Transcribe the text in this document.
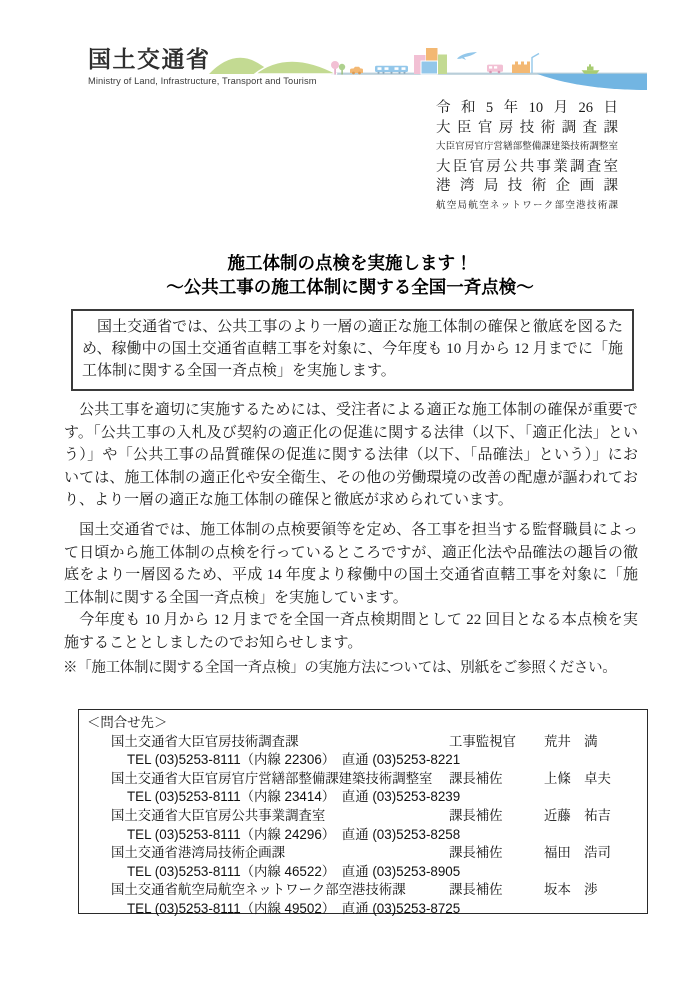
国土交通省
Ministry of Land, Infrastructure, Transport and Tourism
令和5年10月26日
大臣官房技術調査課
大臣官房官庁営繕部整備課建築技術調整室
大臣官房公共事業調査室
港湾局技術企画課
航空局航空ネットワーク部空港技術課
施工体制の点検を実施します！
～公共工事の施工体制に関する全国一斉点検～

　国土交通省では、公共工事のより一層の適正な施工体制の確保と徹底を図るため、稼働中の国土交通省直轄工事を対象に、今年度も 10 月から 12 月までに「施工体制に関する全国一斉点検」を実施します。

　公共工事を適切に実施するためには、受注者による適正な施工体制の確保が重要です。「公共工事の入札及び契約の適正化の促進に関する法律（以下、「適正化法」という）」や「公共工事の品質確保の促進に関する法律（以下、「品確法」という）」においては、施工体制の適正化や安全衛生、その他の労働環境の改善の配慮が謳われており、より一層の適正な施工体制の確保と徹底が求められています。

　国土交通省では、施工体制の点検要領等を定め、各工事を担当する監督職員によって日頃から施工体制の点検を行っているところですが、適正化法や品確法の趣旨の徹底をより一層図るため、平成 14 年度より稼働中の国土交通省直轄工事を対象に「施工体制に関する全国一斉点検」を実施しています。

　今年度も 10 月から 12 月までを全国一斉点検期間として 22 回目となる本点検を実施することとしましたのでお知らせします。

※「施工体制に関する全国一斉点検」の実施方法については、別紙をご参照ください。
＜問合せ先＞
国土交通省大臣官房技術調査課	工事監視官	荒井　満
TEL (03)5253-8111（内線 22306）　直通 (03)5253-8221
国土交通省大臣官房官庁営繕部整備課建築技術調整室	課長補佐	上條　卓夫
TEL (03)5253-8111（内線 23414）　直通 (03)5253-8239
国土交通省大臣官房公共事業調査室	課長補佐	近藤　祐吉
TEL (03)5253-8111（内線 24296）　直通 (03)5253-8258
国土交通省港湾局技術企画課	課長補佐	福田　浩司
TEL (03)5253-8111（内線 46522）　直通 (03)5253-8905
国土交通省航空局航空ネットワーク部空港技術課	課長補佐	坂本　渉
TEL (03)5253-8111（内線 49502）　直通 (03)5253-8725
